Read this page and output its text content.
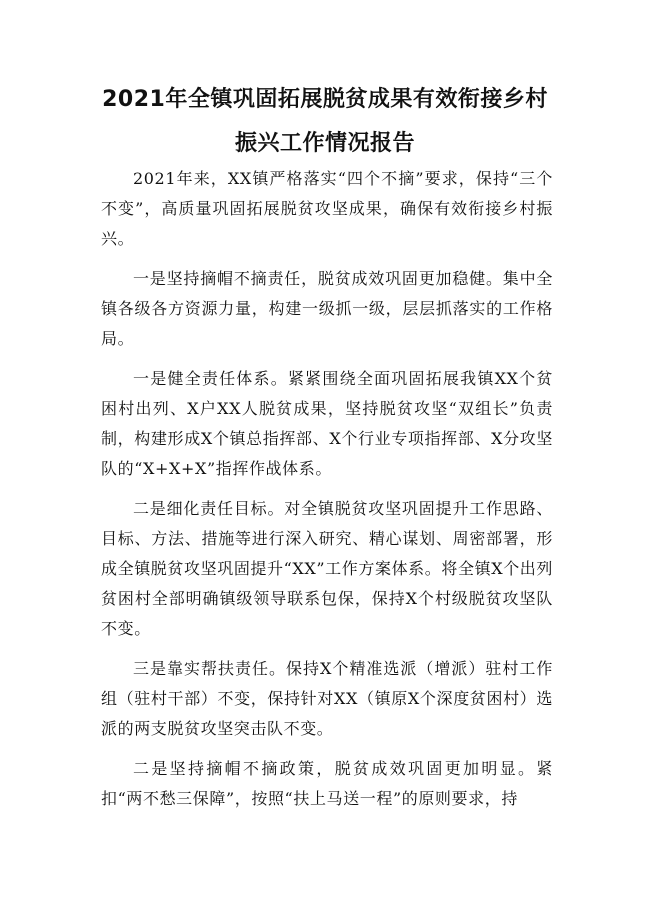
2021年全镇巩固拓展脱贫成果有效衔接乡村
振兴工作情况报告

2021年来，XX镇严格落实“四个不摘”要求，保持“三个不变”，高质量巩固拓展脱贫攻坚成果，确保有效衔接乡村振兴。

一是坚持摘帽不摘责任，脱贫成效巩固更加稳健。集中全镇各级各方资源力量，构建一级抓一级，层层抓落实的工作格局。

一是健全责任体系。紧紧围绕全面巩固拓展我镇XX个贫困村出列、X户XX人脱贫成果，坚持脱贫攻坚“双组长”负责制，构建形成X个镇总指挥部、X个行业专项指挥部、X分攻坚队的“X+X+X”指挥作战体系。

二是细化责任目标。对全镇脱贫攻坚巩固提升工作思路、目标、方法、措施等进行深入研究、精心谋划、周密部署，形成全镇脱贫攻坚巩固提升“XX”工作方案体系。将全镇X个出列贫困村全部明确镇级领导联系包保，保持X个村级脱贫攻坚队不变。

三是靠实帮扶责任。保持X个精准选派（增派）驻村工作组（驻村干部）不变，保持针对XX（镇原X个深度贫困村）选派的两支脱贫攻坚突击队不变。

二是坚持摘帽不摘政策，脱贫成效巩固更加明显。紧扣“两不愁三保障”，按照“扶上马送一程”的原则要求，持
